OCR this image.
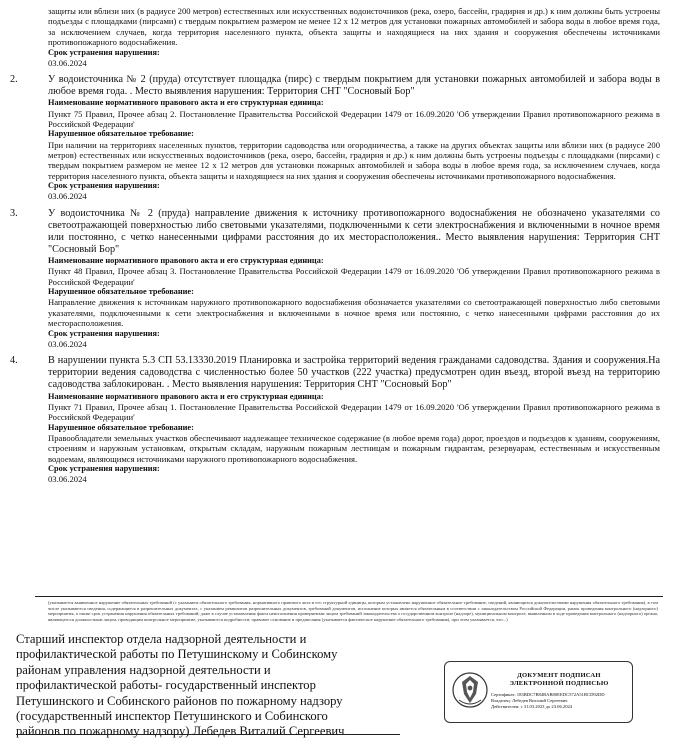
защиты или вблизи них (в радиусе 200 метров) естественных или искусственных водоисточников (река, озеро, бассейн, градирня и др.) к ним должны быть устроены подъезды с площадками (пирсами) с твердым покрытием размером не менее 12 x 12 метров для установки пожарных автомобилей и забора воды в любое время года, за исключением случаев, когда территория населенного пункта, объекта защиты и находящиеся на них здания и сооружения обеспечены источниками противопожарного водоснабжения.
Срок устранения нарушения:
03.06.2024
2.	У водоисточника № 2 (пруда) отсутствует площадка (пирс) с твердым покрытием для установки пожарных автомобилей и забора воды в любое время года. . Место выявления нарушения: Территория СНТ "Сосновый Бор"
Наименование нормативного правового акта и его структурная единица:
Пункт 75 Правил, Прочее абзац 2. Постановление Правительства Российской Федерации 1479 от 16.09.2020 'Об утверждении Правил противопожарного режима в Российской Федерации'
Нарушенное обязательное требование:
При наличии на территориях населенных пунктов, территории садоводства или огородничества, а также на других объектах защиты или вблизи них (в радиусе 200 метров) естественных или искусственных водоисточников (река, озеро, бассейн, градирня и др.) к ним должны быть устроены подъезды с площадками (пирсами) с твердым покрытием размером не менее 12 x 12 метров для установки пожарных автомобилей и забора воды в любое время года, за исключением случаев, когда территория населенного пункта, объекта защиты и находящиеся на них здания и сооружения обеспечены источниками противопожарного водоснабжения.
Срок устранения нарушения:
03.06.2024
3.	У водоисточника № 2 (пруда) направление движения к источнику противопожарного водоснабжения не обозначено указателями со светоотражающей поверхностью либо световыми указателями, подключенными к сети электроснабжения и включенными в ночное время или постоянно, с четко нанесенными цифрами расстояния до их месторасположения.. Место выявления нарушения: Территория СНТ "Сосновый Бор"
Наименование нормативного правового акта и его структурная единица:
Пункт 48 Правил, Прочее абзац 3. Постановление Правительства Российской Федерации 1479 от 16.09.2020 'Об утверждении Правил противопожарного режима в Российской Федерации'
Нарушенное обязательное требование:
Направление движения к источникам наружного противопожарного водоснабжения обозначается указателями со светоотражающей поверхностью либо световыми указателями, подключенными к сети электроснабжения и включенными в ночное время или постоянно, с четко нанесенными цифрами расстояния до их месторасположения.
Срок устранения нарушения:
03.06.2024
4.	В нарушении пункта 5.3 СП 53.13330.2019 Планировка и застройка территорий ведения гражданами садоводства. Здания и сооружения.На территории ведения садоводства с численностью более 50 участков (222 участка) предусмотрен один въезд, второй въезд на территорию садоводства заблокирован. . Место выявления нарушения: Территория СНТ "Сосновый Бор"
Наименование нормативного правового акта и его структурная единица:
Пункт 71 Правил, Прочее абзац 1. Постановление Правительства Российской Федерации 1479 от 16.09.2020 'Об утверждении Правил противопожарного режима в Российской Федерации'
Нарушенное обязательное требование:
Правообладатели земельных участков обеспечивают надлежащее техническое содержание (в любое время года) дорог, проездов и подъездов к зданиям, сооружениям, строениям и наружным установкам, открытым складам, наружным пожарным лестницам и пожарным гидрантам, резервуарам, естественным и искусственным водоемам, являющимся источниками наружного противопожарного водоснабжения.
Срок устранения нарушения:
03.06.2024
(указывается выявленное нарушение обязательных требований (с указанием обязательного требования, нормативного правового акта и его структурной единицы, которым установлено нарушенное обязательное требование, сведений, являющихся доказательствами нарушения обязательного требования), в том числе указываются сведения, содержащиеся в разрешительных документах, с указанием реквизитов разрешительных документов, требований документов, исполнение которых является обязательным в соответствии с законодательством Российской Федерации, рамок проведения контрольного (надзорного) мероприятия, а также срок устранения нарушения обязательных требований; даже в случае установления факта неисполнения проверяемым лицом требований законодательства о государственном контроле (надзоре), муниципальном контроле, выявленном в ходе проведения контрольного (надзорного) органа, являющегося должностным лицом, проводящим контрольное мероприятие, указываются подробности: правовое основание и предписания (указывается фактическое нарушение обязательного требования), при этом указывается, что...)
Старший инспектор отдела надзорной деятельности и профилактической работы по Петушинскому и Собинскому районам управления надзорной деятельности и профилактической работы- государственный инспектор Петушинского и Собинского районов по пожарному надзору (государственный инспектор Петушинского и Собинского районов по пожарному надзору) Лебедев Виталий Сергеевич
ДОКУМЕНТ ПОДПИСАН ЭЛЕКТРОННОЙ ПОДПИСЬЮ
Сертификат: 183BDC7B84BAB80EEDC572A51BCD92DD
Владелец: Лебедев Виталий Сергеевич
Действителен: с 31.03.2023 до 23.06.2024
